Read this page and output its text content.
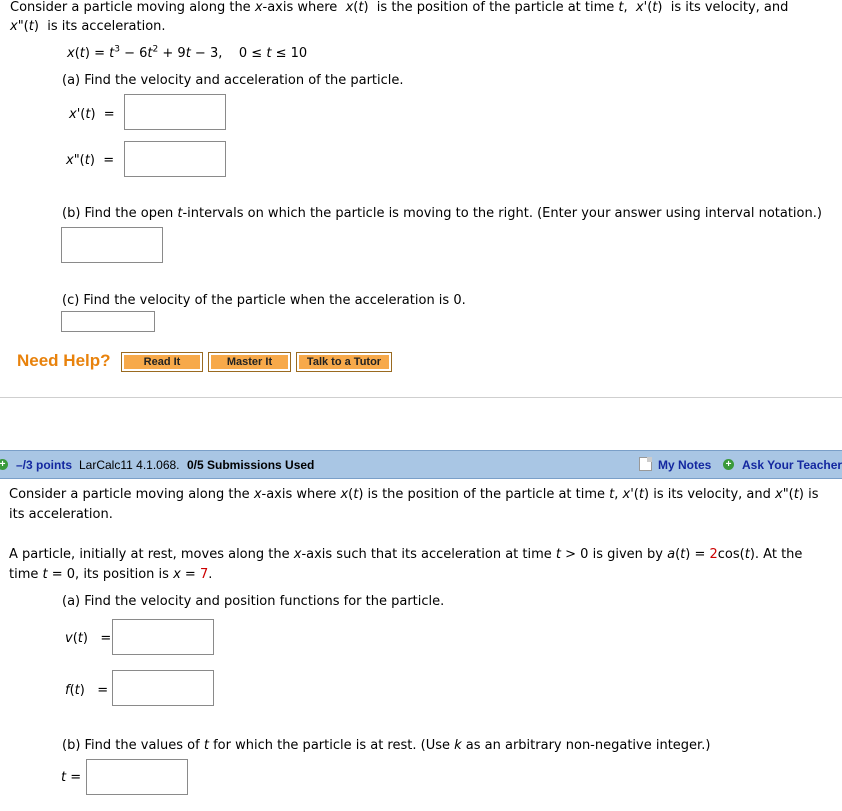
Consider a particle moving along the x-axis where  x(t)  is the position of the particle at time t,  x'(t)  is its velocity, and
x"(t)  is its acceleration.
$x(t) = t^3 - 6t^2 + 9t - 3$,    0 ≤ t ≤ 10
(a) Find the velocity and acceleration of the particle.
x'(t)  =
x"(t)  =
(b) Find the open t-intervals on which the particle is moving to the right. (Enter your answer using interval notation.)
(c) Find the velocity of the particle when the acceleration is 0.
Need Help?	Read It	Master It	Talk to a Tutor
+ –/3 points LarCalc11 4.1.068. 0/5 Submissions Used	My Notes + Ask Your Teacher
Consider a particle moving along the x-axis where x(t) is the position of the particle at time t, x'(t) is its velocity, and x"(t) is
its acceleration.
A particle, initially at rest, moves along the x-axis such that its acceleration at time t > 0 is given by a(t) = 2cos(t). At the
time t = 0, its position is x = 7.
(a) Find the velocity and position functions for the particle.
v(t)   =
f(t)   =
(b) Find the values of t for which the particle is at rest. (Use k as an arbitrary non-negative integer.)
t =
